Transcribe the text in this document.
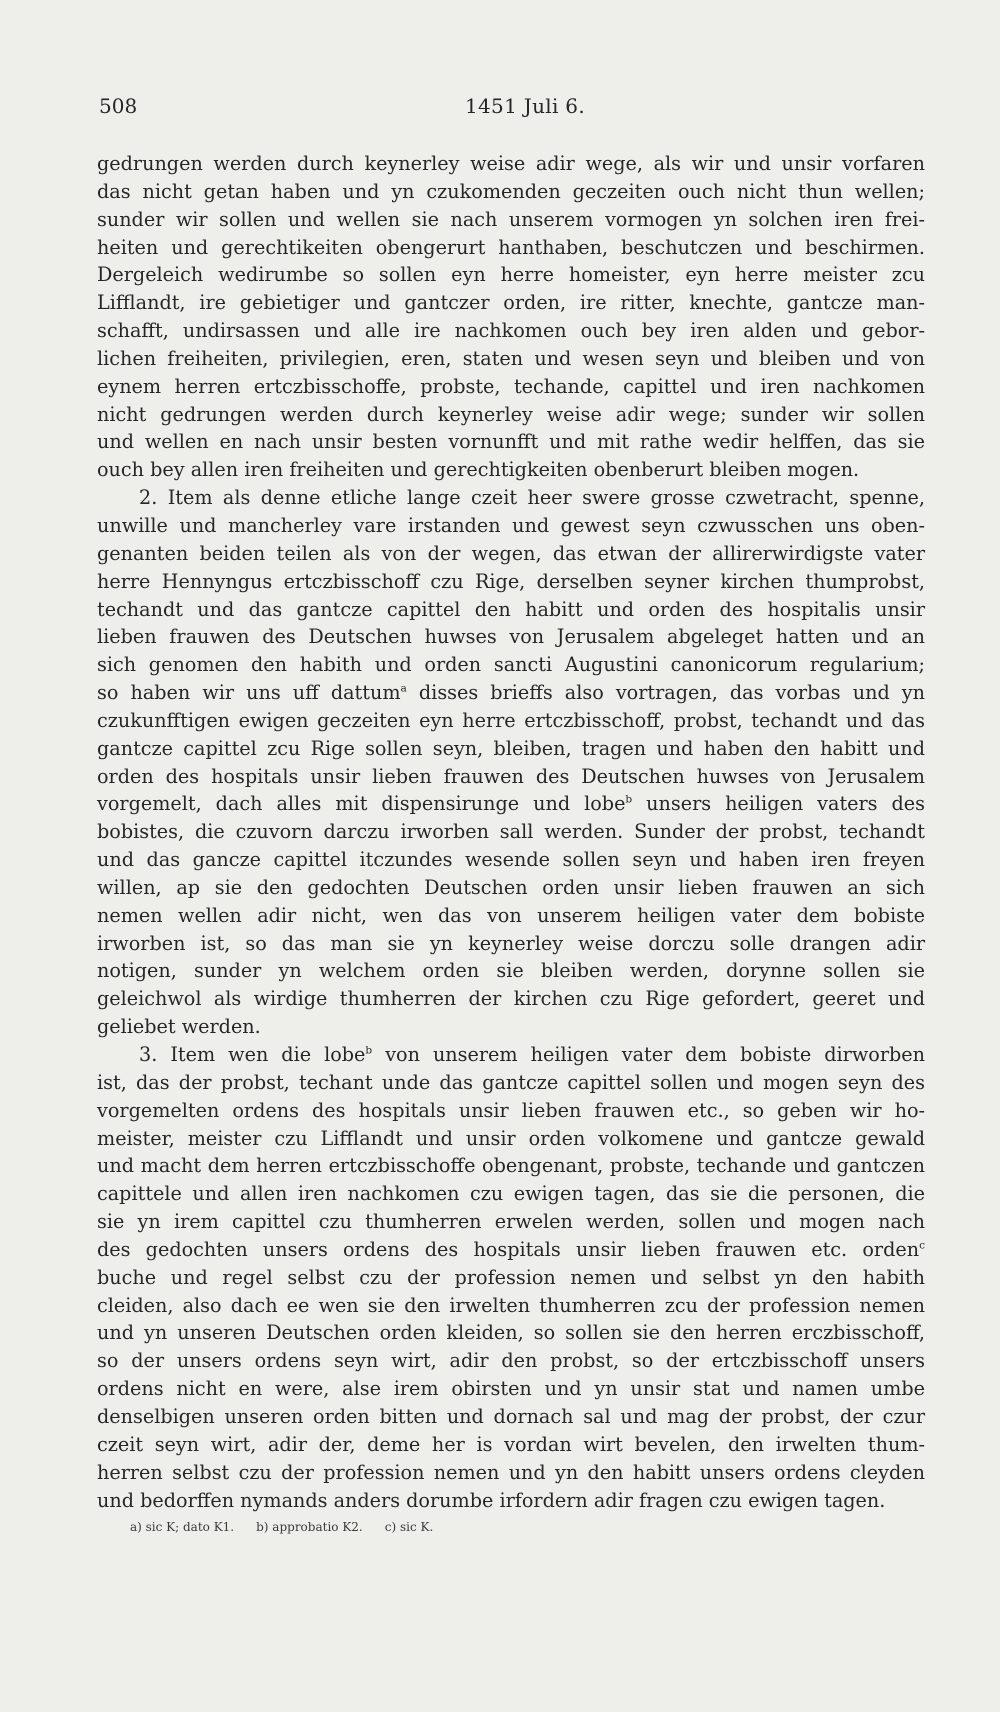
508	1451 Juli 6.
gedrungen werden durch keynerley weise adir wege, als wir und unsir vorfaren
das nicht getan haben und yn czukomenden geczeiten ouch nicht thun wellen;
sunder wir sollen und wellen sie nach unserem vormogen yn solchen iren frei-
heiten und gerechtikeiten obengerurt hanthaben, beschutczen und beschirmen.
Dergeleich wedirumbe so sollen eyn herre homeister, eyn herre meister zcu
Lifflandt, ire gebietiger und gantczer orden, ire ritter, knechte, gantcze man-
schafft, undirsassen und alle ire nachkomen ouch bey iren alden und gebor-
lichen freiheiten, privilegien, eren, staten und wesen seyn und bleiben und von
eynem herren ertczbisschoffe, probste, techande, capittel und iren nachkomen
nicht gedrungen werden durch keynerley weise adir wege; sunder wir sollen
und wellen en nach unsir besten vornunfft und mit rathe wedir helffen, das sie
ouch bey allen iren freiheiten und gerechtigkeiten obenberurt bleiben mogen.
2. Item als denne etliche lange czeit heer swere grosse czwetracht, spenne,
unwille und mancherley vare irstanden und gewest seyn czwusschen uns oben-
genanten beiden teilen als von der wegen, das etwan der allirerwirdigste vater
herre Hennyngus ertczbisschoff czu Rige, derselben seyner kirchen thumprobst,
techandt und das gantcze capittel den habitt und orden des hospitalis unsir
lieben frauwen des Deutschen huwses von Jerusalem abgeleget hatten und an
sich genomen den habith und orden sancti Augustini canonicorum regularium;
so haben wir uns uff dattum$^a$ disses brieffs also vortragen, das vorbas und yn
czukunfftigen ewigen geczeiten eyn herre ertczbisschoff, probst, techandt und das
gantcze capittel zcu Rige sollen seyn, bleiben, tragen und haben den habitt und
orden des hospitals unsir lieben frauwen des Deutschen huwses von Jerusalem
vorgemelt, dach alles mit dispensirunge und lobe$^b$ unsers heiligen vaters des
bobistes, die czuvorn darczu irworben sall werden. Sunder der probst, techandt
und das gancze capittel itczundes wesende sollen seyn und haben iren freyen
willen, ap sie den gedochten Deutschen orden unsir lieben frauwen an sich
nemen wellen adir nicht, wen das von unserem heiligen vater dem bobiste
irworben ist, so das man sie yn keynerley weise dorczu solle drangen adir
notigen, sunder yn welchem orden sie bleiben werden, dorynne sollen sie
geleichwol als wirdige thumherren der kirchen czu Rige gefordert, geeret und
geliebet werden.
3. Item wen die lobe$^b$ von unserem heiligen vater dem bobiste dirworben
ist, das der probst, techant unde das gantcze capittel sollen und mogen seyn des
vorgemelten ordens des hospitals unsir lieben frauwen etc., so geben wir ho-
meister, meister czu Lifflandt und unsir orden volkomene und gantcze gewald
und macht dem herren ertczbisschoffe obengenant, probste, techande und gantczen
capittele und allen iren nachkomen czu ewigen tagen, das sie die personen, die
sie yn irem capittel czu thumherren erwelen werden, sollen und mogen nach
des gedochten unsers ordens des hospitals unsir lieben frauwen etc. orden$^c$
buche und regel selbst czu der profession nemen und selbst yn den habith
cleiden, also dach ee wen sie den irwelten thumherren zcu der profession nemen
und yn unseren Deutschen orden kleiden, so sollen sie den herren erczbisschoff,
so der unsers ordens seyn wirt, adir den probst, so der ertczbisschoff unsers
ordens nicht en were, alse irem obirsten und yn unsir stat und namen umbe
denselbigen unseren orden bitten und dornach sal und mag der probst, der czur
czeit seyn wirt, adir der, deme her is vordan wirt bevelen, den irwelten thum-
herren selbst czu der profession nemen und yn den habitt unsers ordens cleyden
und bedorffen nymands anders dorumbe irfordern adir fragen czu ewigen tagen.
a) sic K; dato K1. b) approbatio K2. c) sic K.
